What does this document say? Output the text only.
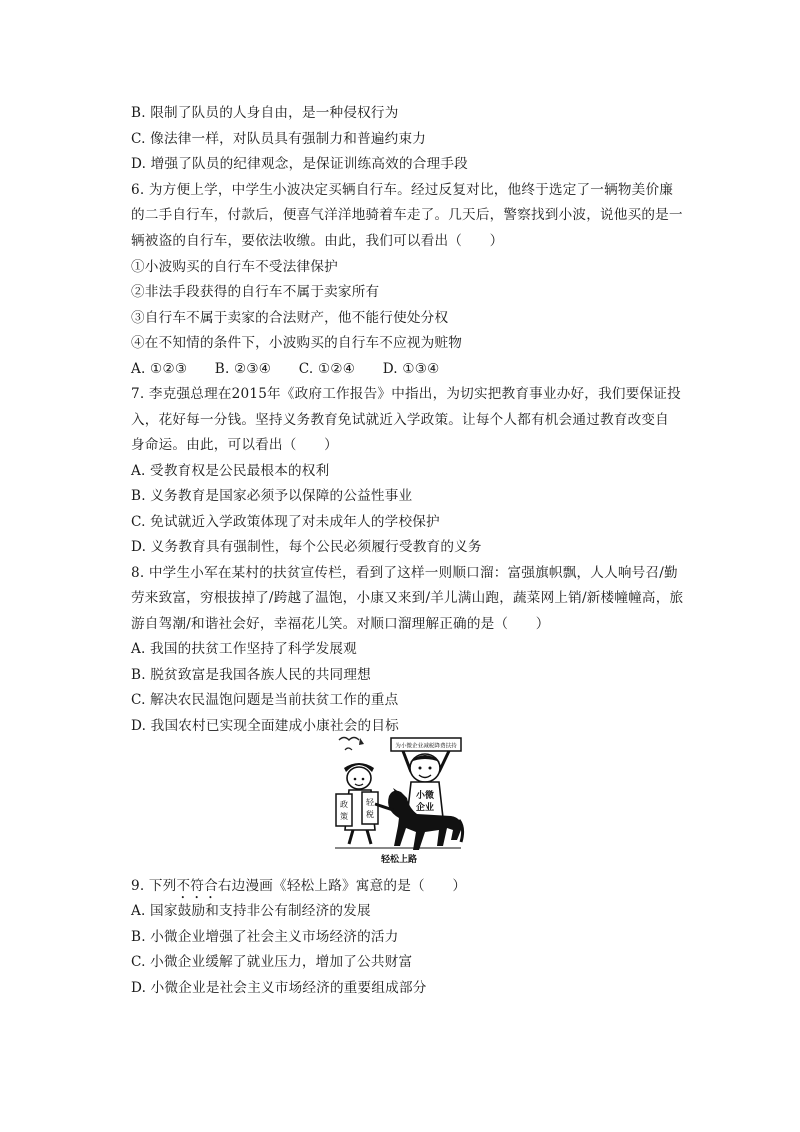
B. 限制了队员的人身自由，是一种侵权行为
C. 像法律一样，对队员具有强制力和普遍约束力
D. 增强了队员的纪律观念，是保证训练高效的合理手段
6. 为方便上学，中学生小波决定买辆自行车。经过反复对比，他终于选定了一辆物美价廉
的二手自行车，付款后，便喜气洋洋地骑着车走了。几天后，警察找到小波，说他买的是一
辆被盗的自行车，要依法收缴。由此，我们可以看出（　　）
①小波购买的自行车不受法律保护
②非法手段获得的自行车不属于卖家所有
③自行车不属于卖家的合法财产，他不能行使处分权
④在不知情的条件下，小波购买的自行车不应视为赃物
A. ①②③　　B. ②③④　　C. ①②④　　D. ①③④
7. 李克强总理在2015年《政府工作报告》中指出，为切实把教育事业办好，我们要保证投
入，花好每一分钱。坚持义务教育免试就近入学政策。让每个人都有机会通过教育改变自
身命运。由此，可以看出（　　）
A. 受教育权是公民最根本的权利
B. 义务教育是国家必须予以保障的公益性事业
C. 免试就近入学政策体现了对未成年人的学校保护
D. 义务教育具有强制性，每个公民必须履行受教育的义务
8. 中学生小军在某村的扶贫宣传栏，看到了这样一则顺口溜：富强旗帜飘，人人响号召/勤
劳来致富，穷根拔掉了/跨越了温饱，小康又来到/羊儿满山跑，蔬菜网上销/新楼幢幢高，旅
游自驾潮/和谐社会好，幸福花儿笑。对顺口溜理解正确的是（　　）
A. 我国的扶贫工作坚持了科学发展观
B. 脱贫致富是我国各族人民的共同理想
C. 解决农民温饱问题是当前扶贫工作的重点
D. 我国农村已实现全面建成小康社会的目标
为小微企业减税降费扶持
小微
企业
政
策
轻
税
轻松上路
9. 下列不符合右边漫画《轻松上路》寓意的是（　　）
A. 国家鼓励和支持非公有制经济的发展
B. 小微企业增强了社会主义市场经济的活力
C. 小微企业缓解了就业压力，增加了公共财富
D. 小微企业是社会主义市场经济的重要组成部分
